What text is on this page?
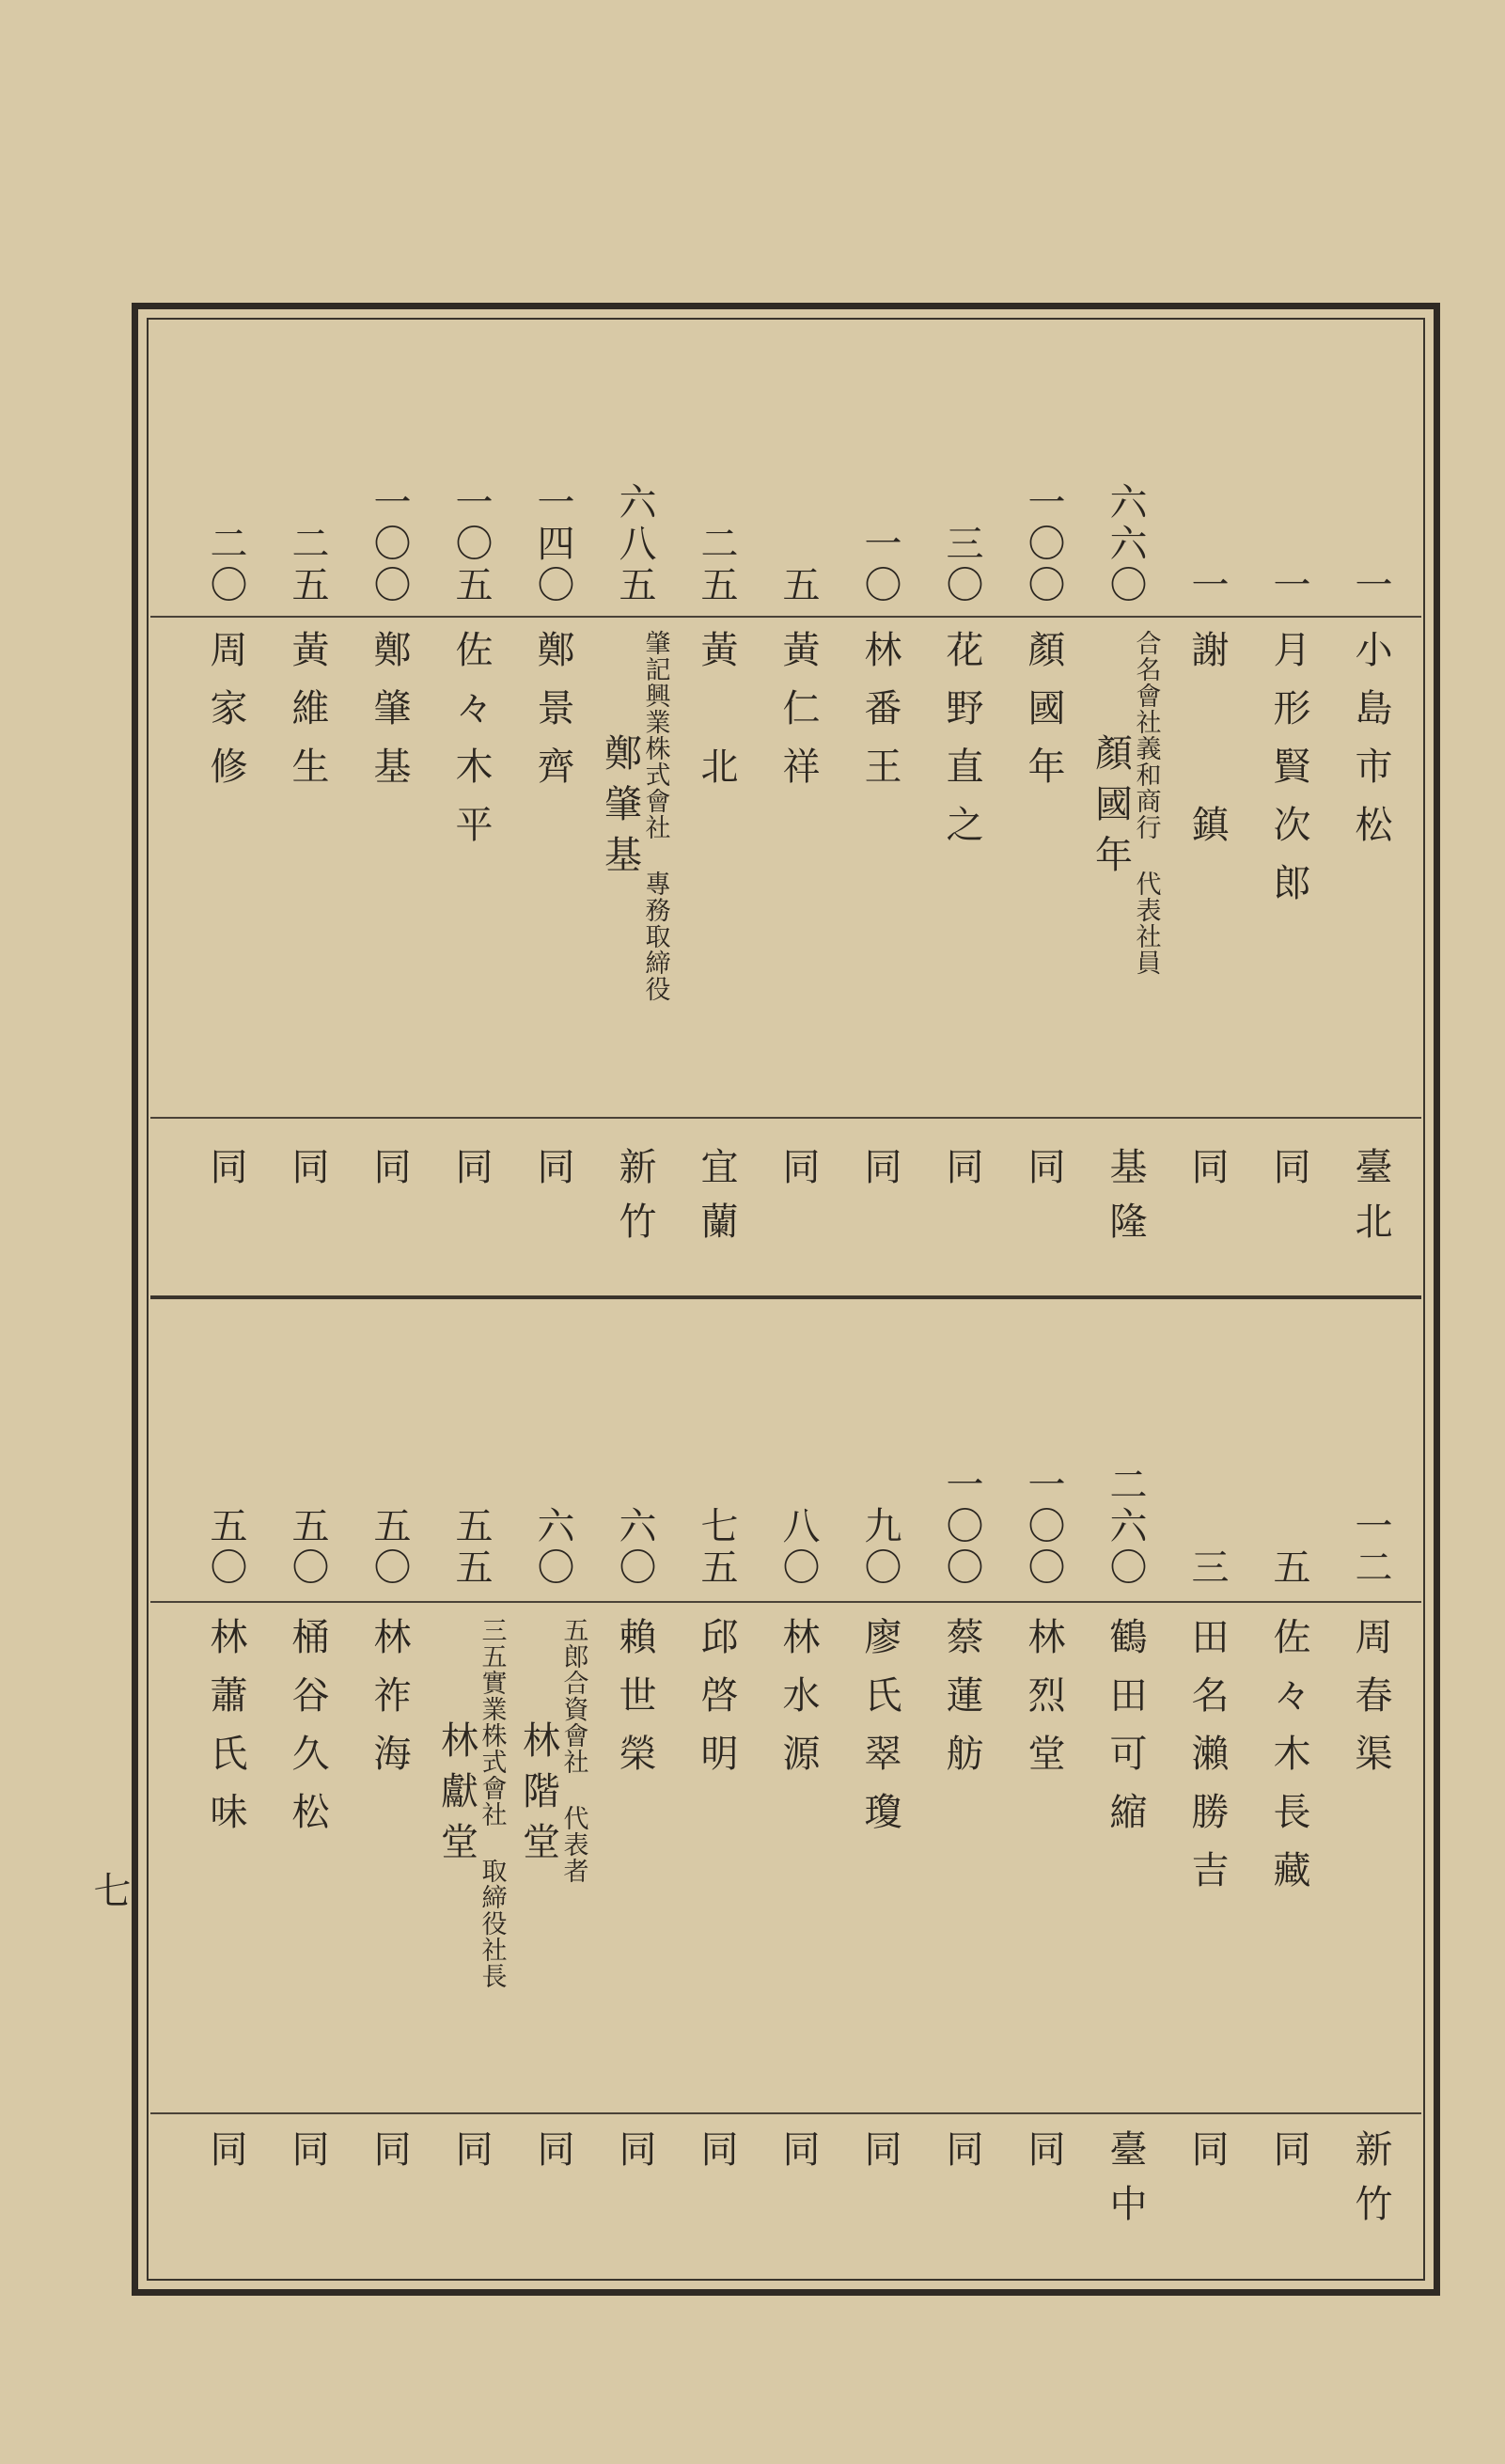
一
小島市松
臺北
一
月形賢次郎
同
一
謝　　鎮
同
六六〇
合名會社義和商行 代表社員
顏國年
基隆
一〇〇
顏國年
同
三〇
花野直之
同
一〇
林番王
同
五
黃仁祥
同
二五
黃　北
宜蘭
六八五
肇記興業株式會社 專務取締役
鄭肇基
新竹
一四〇
鄭景齊
同
一〇五
佐々木平
同
一〇〇
鄭肇基
同
二五
黃維生
同
二〇
周家修
同
一二
周春渠
新竹
五
佐々木長藏
同
三
田名瀨勝吉
同
二六〇
鶴田可縮
臺中
一〇〇
林烈堂
同
一〇〇
蔡蓮舫
同
九〇
廖氏翠瓊
同
八〇
林水源
同
七五
邱啓明
同
六〇
賴世榮
同
六〇
五郎合資會社 代表者
林階堂
同
五五
三五實業株式會社 取締役社長
林獻堂
同
五〇
林祚海
同
五〇
桶谷久松
同
五〇
林蕭氏味
同
七
